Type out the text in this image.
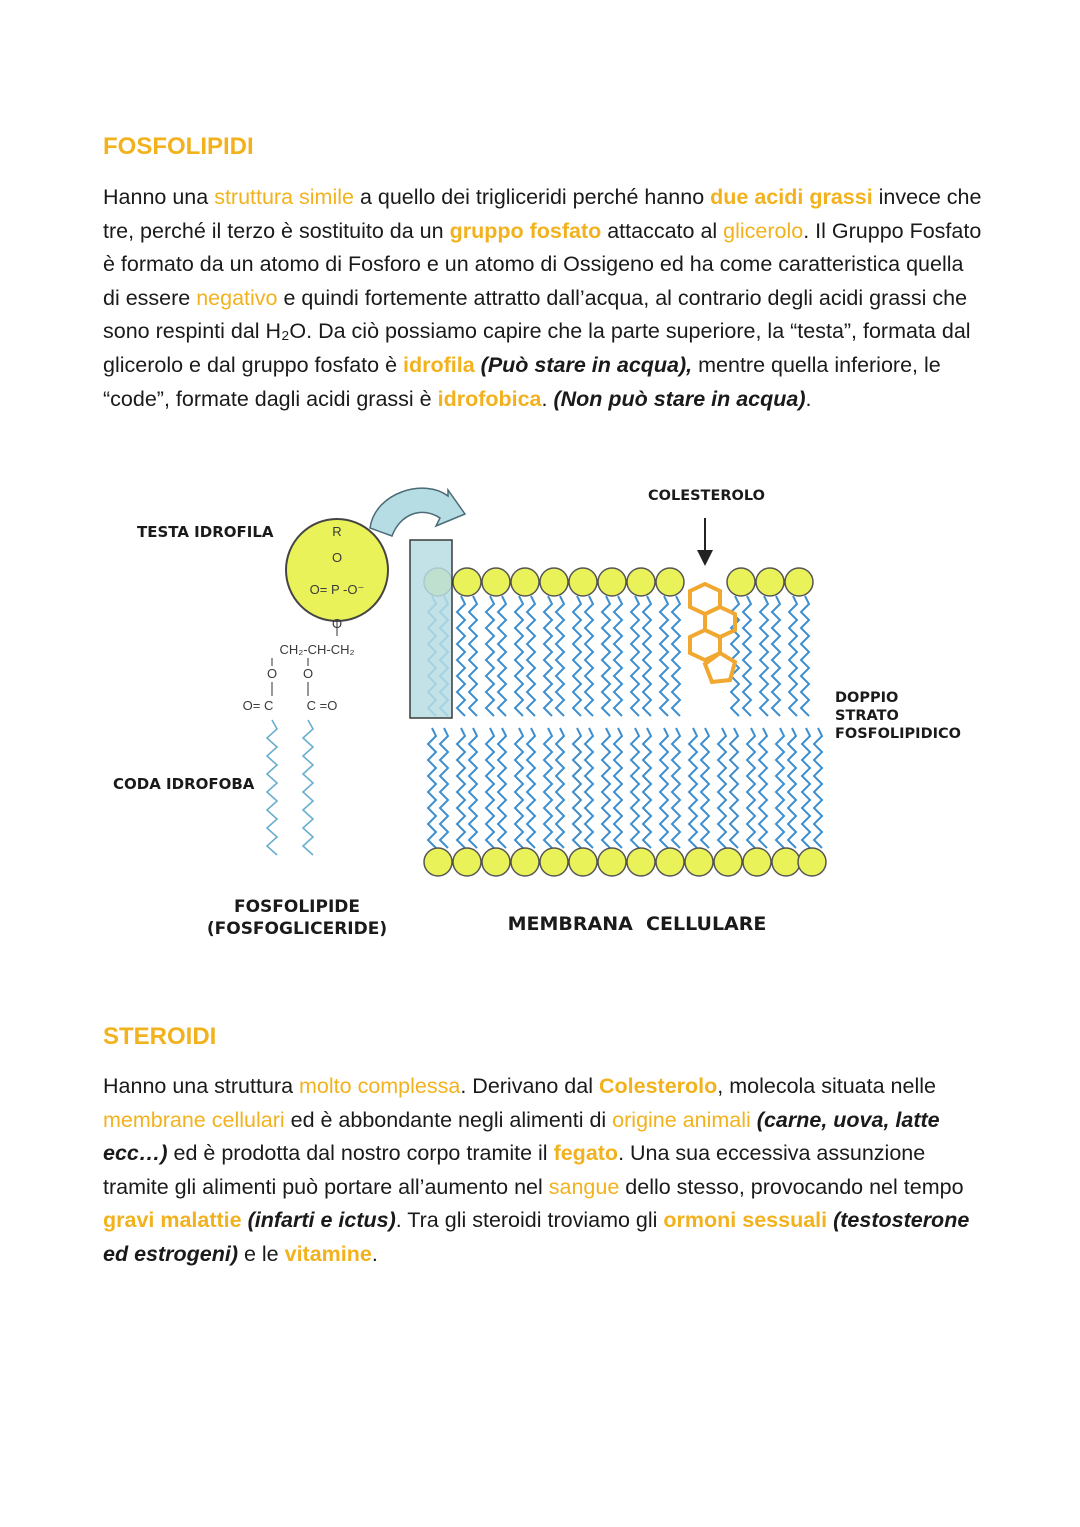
FOSFOLIPIDI

Hanno una struttura simile a quello dei trigliceridi perché hanno due acidi grassi invece che tre, perché il terzo è sostituito da un gruppo fosfato attaccato al glicerolo. Il Gruppo Fosfato è formato da un atomo di Fosforo e un atomo di Ossigeno ed ha come caratteristica quella di essere negativo e quindi fortemente attratto dall’acqua, al contrario degli acidi grassi che sono respinti dal H₂O. Da ciò possiamo capire che la parte superiore, la “testa”, formata dal glicerolo e dal gruppo fosfato è idrofila (Può stare in acqua), mentre quella inferiore, le “code”, formate dagli acidi grassi è idrofobica. (Non può stare in acqua).

R
O
O= P -O⁻
O
CH₂-CH-CH₂
O O
O= C	C =O
TESTA IDROFILA
CODA IDROFOBA
COLESTEROLO
DOPPIO
STRATO
FOSFOLIPIDICO
FOSFOLIPIDE
(FOSFOGLICERIDE)	MEMBRANA  CELLULARE
STEROIDI

Hanno una struttura molto complessa. Derivano dal Colesterolo, molecola situata nelle membrane cellulari ed è abbondante negli alimenti di origine animali (carne, uova, latte ecc…) ed è prodotta dal nostro corpo tramite il fegato. Una sua eccessiva assunzione tramite gli alimenti può portare all’aumento nel sangue dello stesso, provocando nel tempo gravi malattie (infarti e ictus). Tra gli steroidi troviamo gli ormoni sessuali (testosterone ed estrogeni) e le vitamine.
